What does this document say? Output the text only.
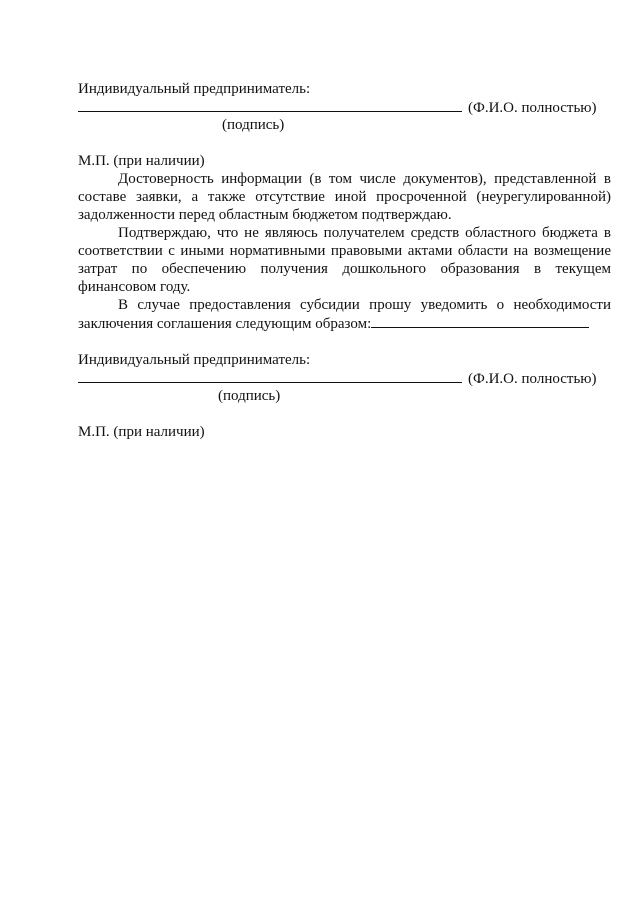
Индивидуальный предприниматель:
(Ф.И.О. полностью)
(подпись)
М.П. (при наличии)

Достоверность информации (в том числе документов), представленной в составе заявки, а также отсутствие иной просроченной (неурегулированной) задолженности перед областным бюджетом подтверждаю.

Подтверждаю, что не являюсь получателем средств областного бюджета в соответствии с иными нормативными правовыми актами области на возмещение затрат по обеспечению получения дошкольного образования в текущем финансовом году.

В случае предоставления субсидии прошу уведомить о необходимости заключения соглашения следующим образом:

Индивидуальный предприниматель:
(Ф.И.О. полностью)
(подпись)
М.П. (при наличии)
